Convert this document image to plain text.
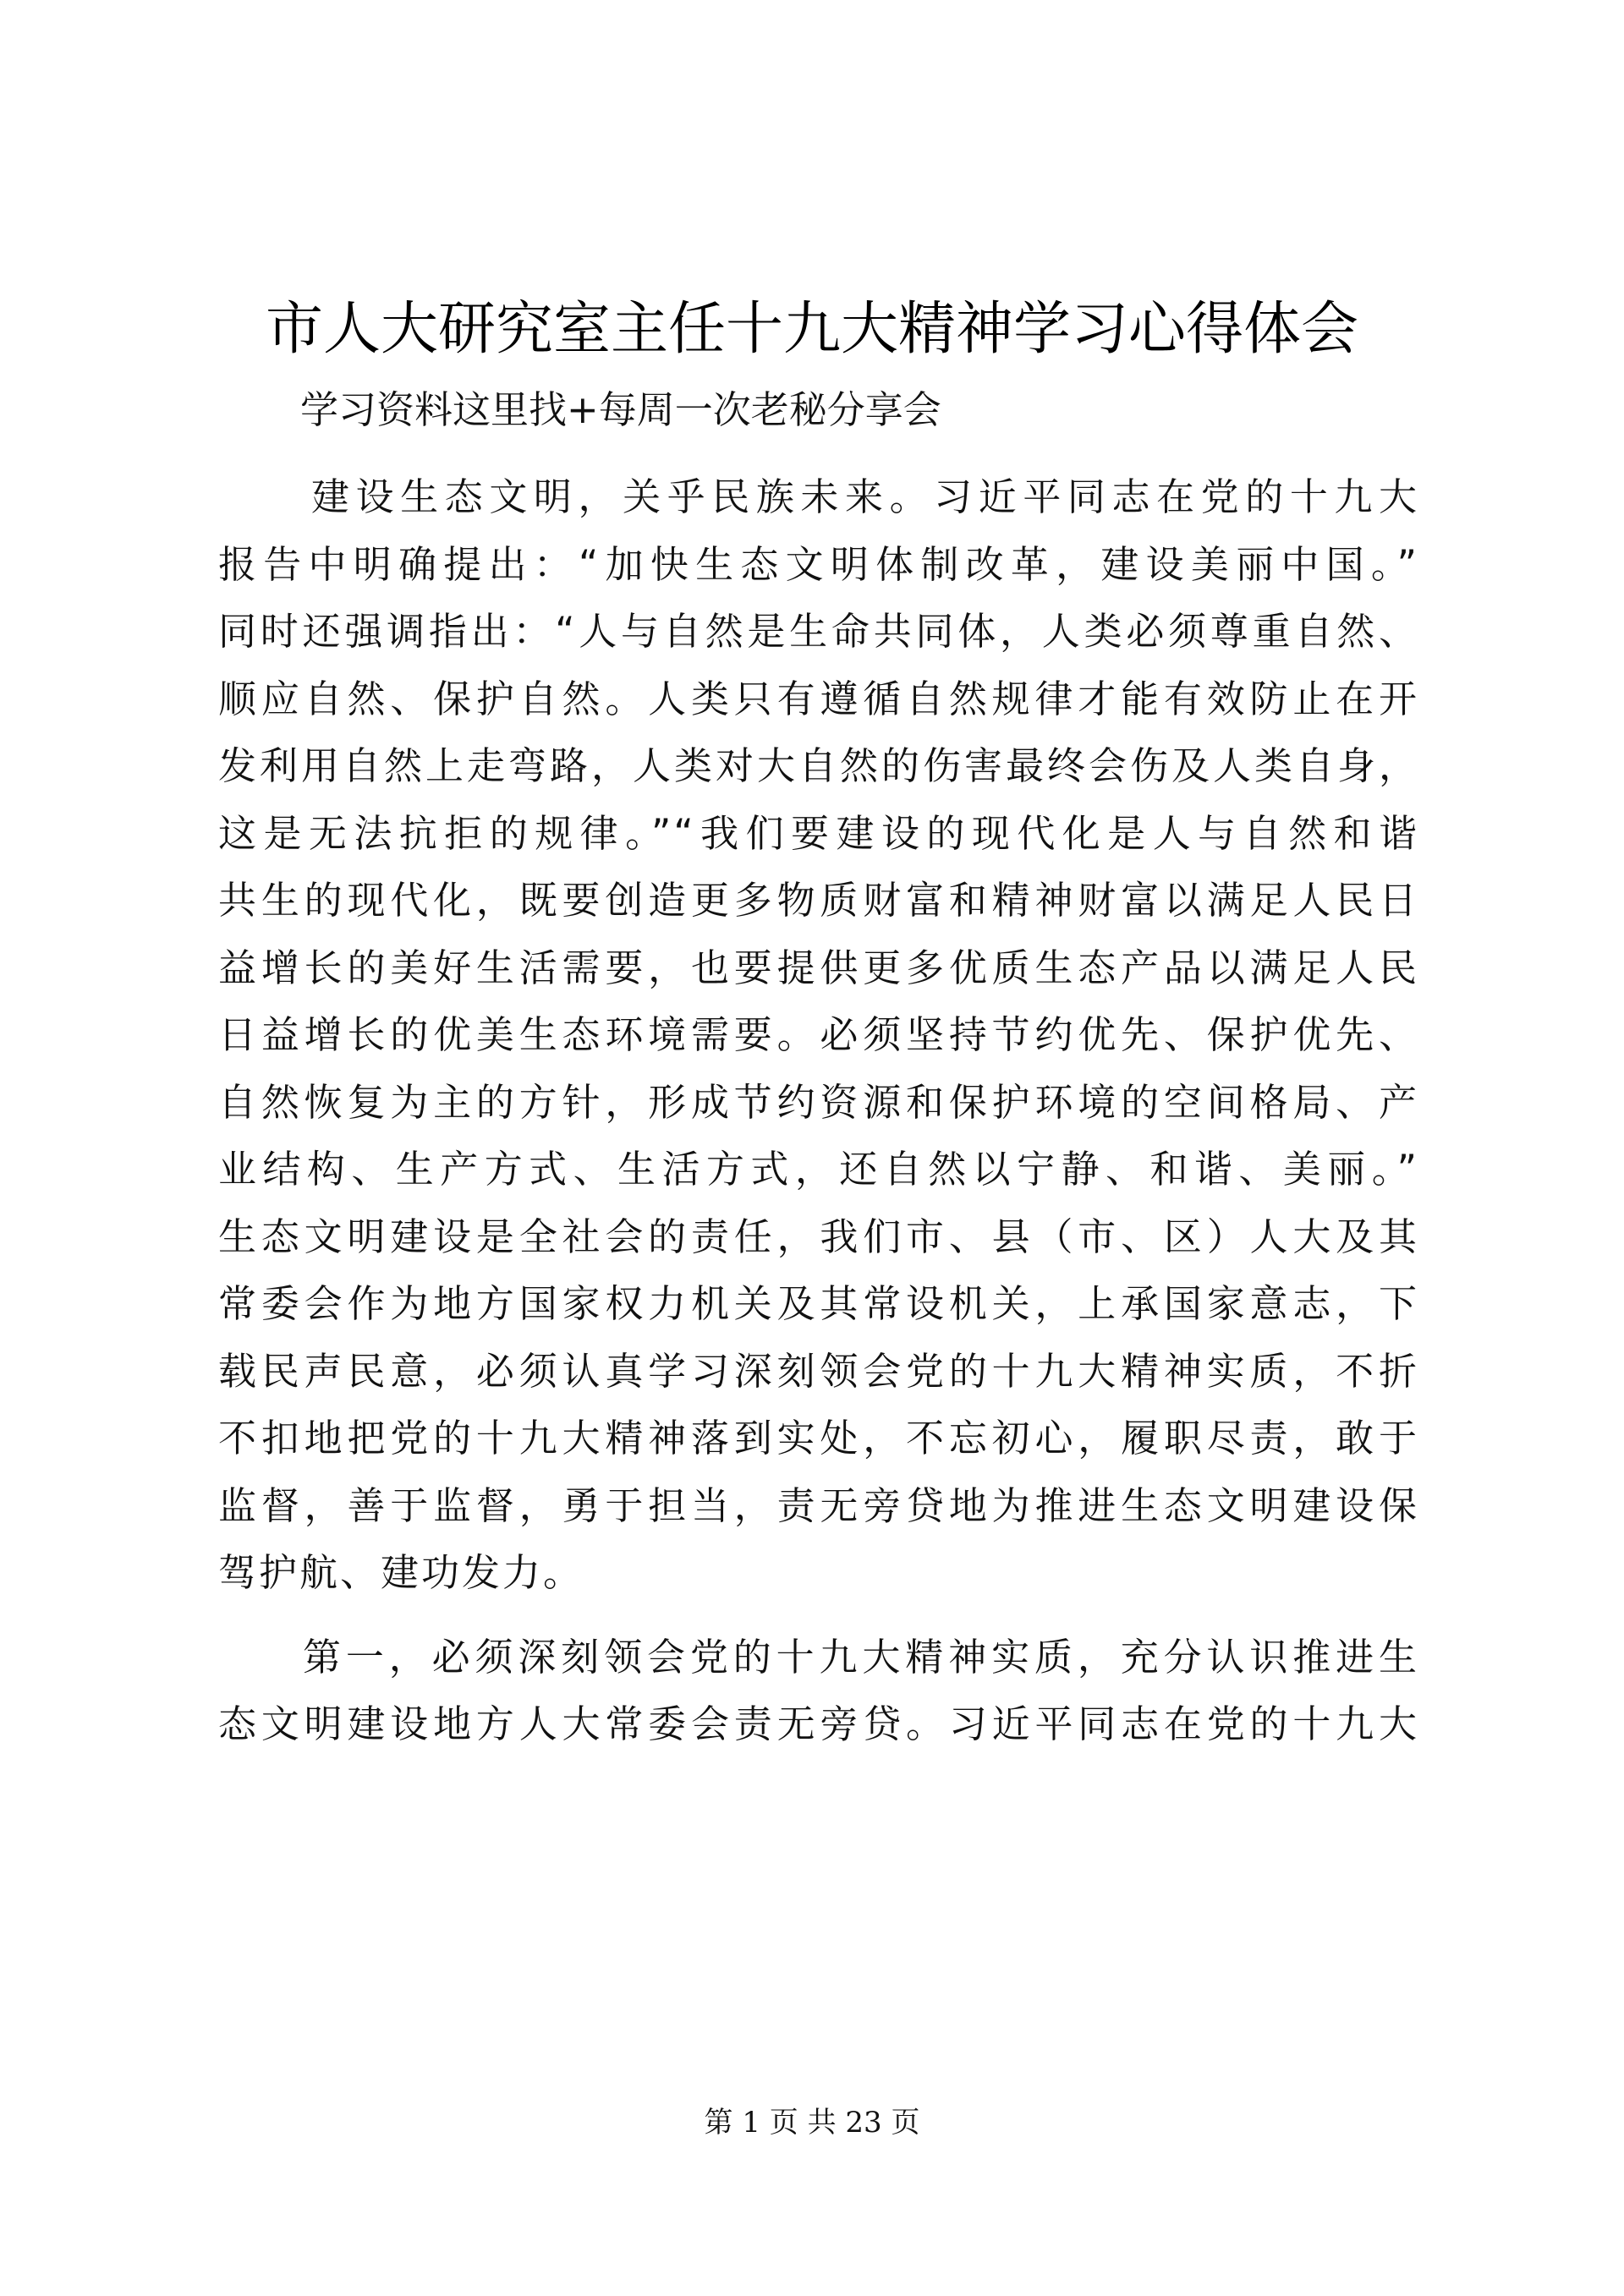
市人大研究室主任十九大精神学习心得体会

学习资料这里找+每周一次老秘分享会

建设生态文明，关乎民族未来。习近平同志在党的十九大
报告中明确提出：“加快生态文明体制改革，建设美丽中国。”
同时还强调指出：“人与自然是生命共同体，人类必须尊重自然、
顺应自然、保护自然。人类只有遵循自然规律才能有效防止在开
发利用自然上走弯路，人类对大自然的伤害最终会伤及人类自身，
这是无法抗拒的规律。”“我们要建设的现代化是人与自然和谐
共生的现代化，既要创造更多物质财富和精神财富以满足人民日
益增长的美好生活需要，也要提供更多优质生态产品以满足人民
日益增长的优美生态环境需要。必须坚持节约优先、保护优先、
自然恢复为主的方针，形成节约资源和保护环境的空间格局、产
业结构、生产方式、生活方式，还自然以宁静、和谐、美丽。”
生态文明建设是全社会的责任，我们市、县（市、区）人大及其
常委会作为地方国家权力机关及其常设机关，上承国家意志，下
载民声民意，必须认真学习深刻领会党的十九大精神实质，不折
不扣地把党的十九大精神落到实处，不忘初心，履职尽责，敢于
监督，善于监督，勇于担当，责无旁贷地为推进生态文明建设保
驾护航、建功发力。
第一，必须深刻领会党的十九大精神实质，充分认识推进生
态文明建设地方人大常委会责无旁贷。习近平同志在党的十九大
第 1 页 共 23 页
